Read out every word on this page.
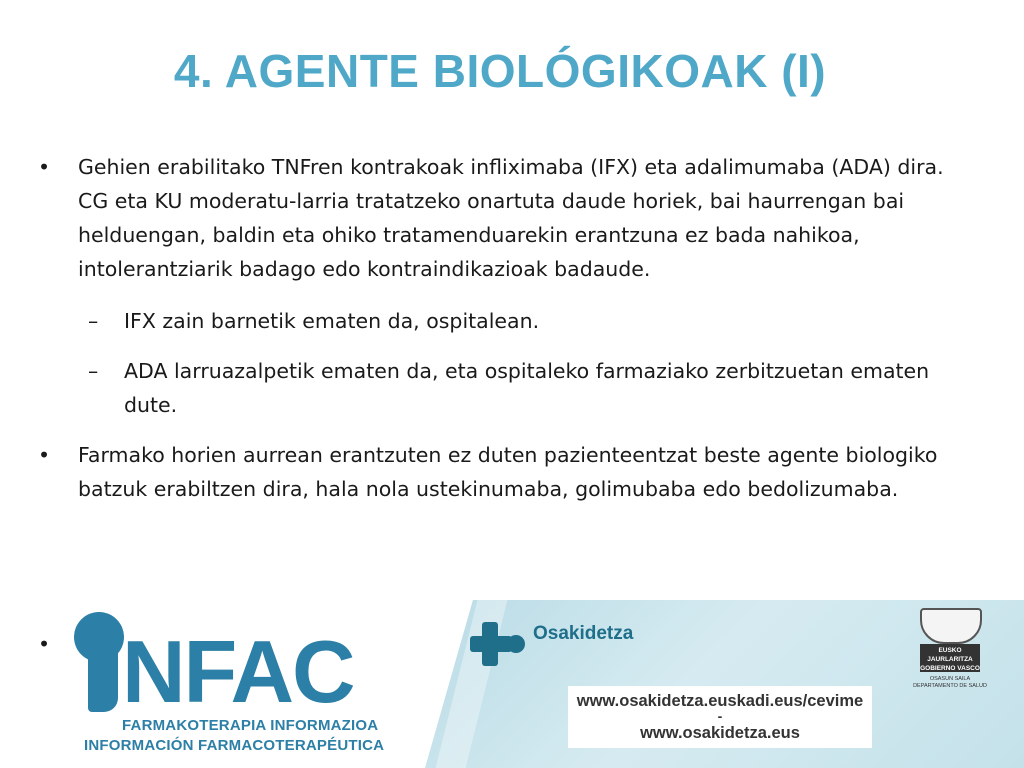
4. AGENTE BIOLÓGIKOAK (I)
• Gehien erabilitako TNFren kontrakoak infliximaba (IFX) eta adalimumaba (ADA) dira. CG eta KU moderatu-larria tratatzeko onartuta daude horiek, bai haurrengan bai helduengan, baldin eta ohiko tratamenduarekin erantzuna ez bada nahikoa, intolerantziarik badago edo kontraindikazioak badaude.
– IFX zain barnetik ematen da, ospitalean.
– ADA larruazalpetik ematen da, eta ospitaleko farmaziako zerbitzuetan ematen dute.
• Farmako horien aurrean erantzuten ez duten pazienteentzat beste agente biologiko batzuk erabiltzen dira, hala nola ustekinumaba, golimubaba edo bedolizumaba.
•	Osakidetza
EUSKO JAURLARITZA
GOBIERNO VASCO
OSASUN SAILA
DEPARTAMENTO DE SALUD
www.osakidetza.euskadi.eus/cevime
-
www.osakidetza.eus
NFAC
FARMAKOTERAPIA INFORMAZIOA
INFORMACIÓN FARMACOTERAPÉUTICA
